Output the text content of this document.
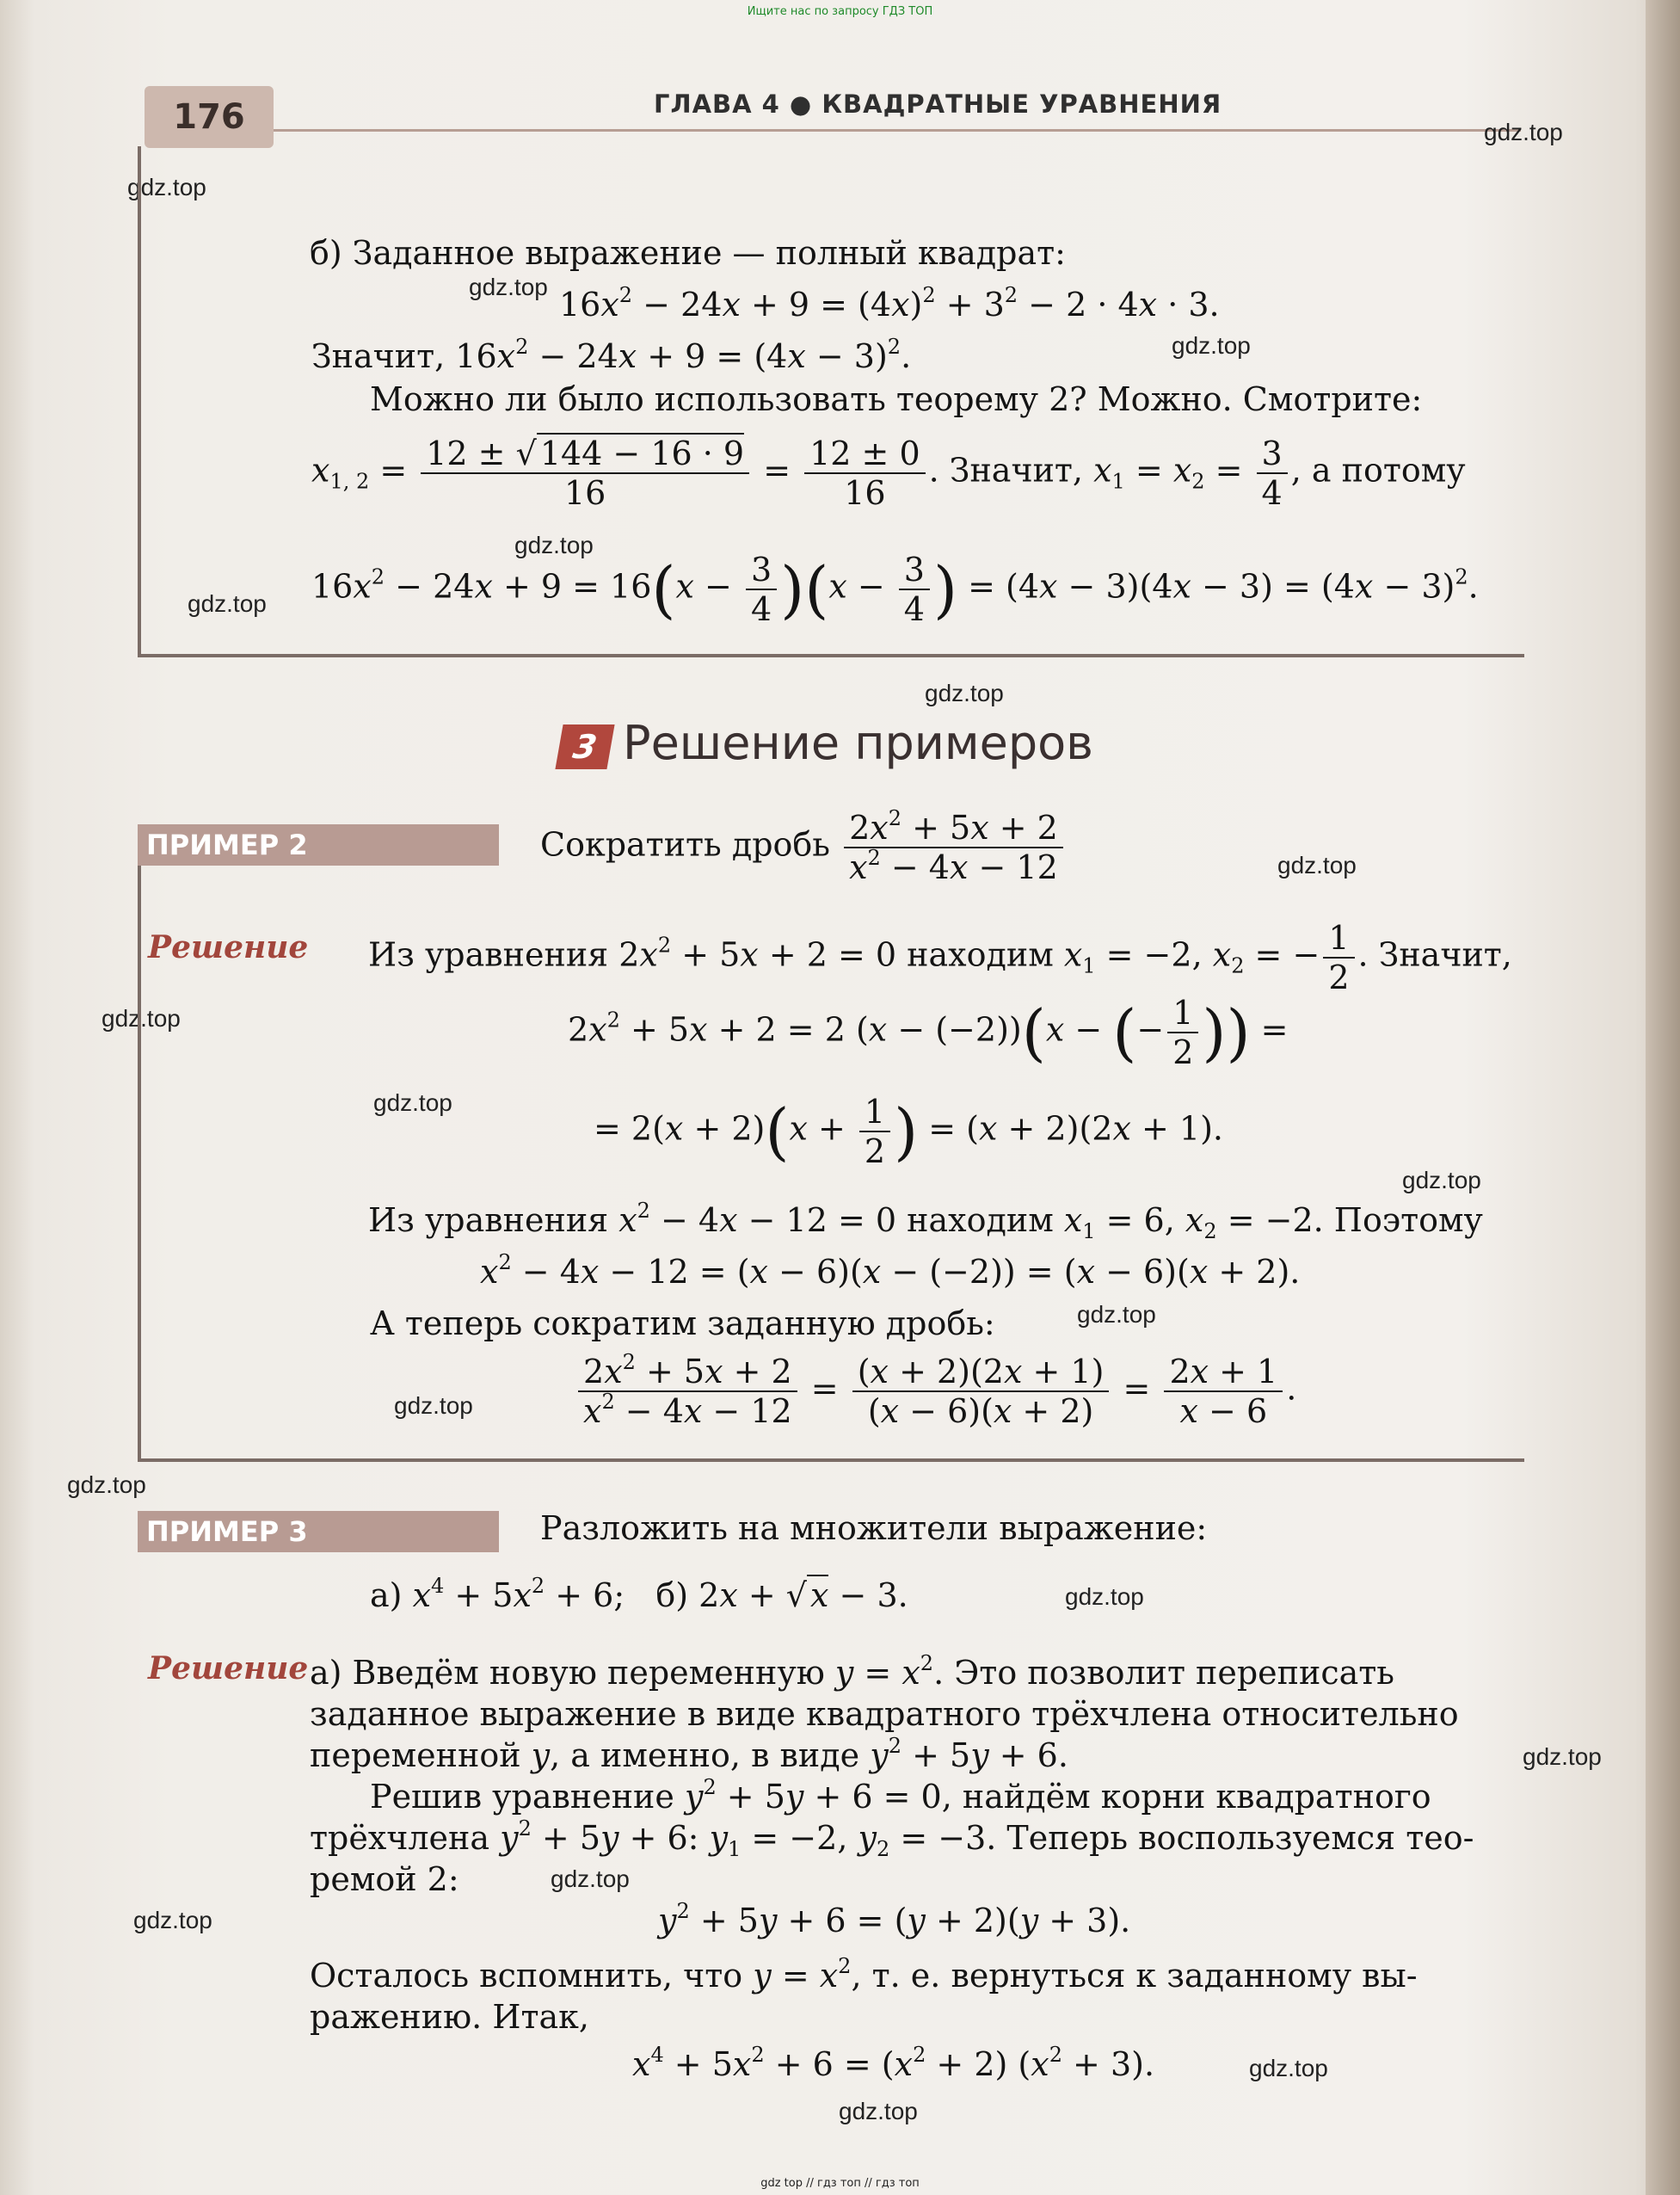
Ищите нас по запросу ГДЗ ТОП
176	ГЛАВА 4 ● КВАДРАТНЫЕ УРАВНЕНИЯ
gdz.top
gdz.top
gdz.top
gdz.top
gdz.top
gdz.top
gdz.top
gdz.top
gdz.top
gdz.top
gdz.top
gdz.top
gdz.top
gdz.top
gdz.top
gdz.top
gdz.top
gdz.top
gdz.top
gdz.top
б) Заданное выражение — полный квадрат:
$16x^2 - 24x + 9 = (4x)^2 + 3^2 - 2 \cdot 4x \cdot 3$.
Значит, $16x^2 - 24x + 9 = (4x - 3)^2$.
Можно ли было использовать теорему 2? Можно. Смотрите:
$x_{1, 2} = \frac{12 \pm √ 144 - 16 \cdot 9}{16} = \frac{12 \pm 0}{16}$ . Значит, $x_1 = x_2 = \frac{3}{4}$ , а потому
$16x^2 - 24x + 9 = 16(x - \frac{3}{4} )(x - \frac{3}{4}$ ) = $(4x - 3)(4x - 3) = (4x - 3)^2$.
3 Решение примеров
ПРИМЕР 2	Сократить дробь $\frac{2x^2 + 5x + 2}{x^2 - 4x - 12}$
Решение Из уравнения $2x^2 + 5x + 2 = 0$ находим $x_1 = -2$, $x_2$ = − $\frac{1}{2}$ . Значит,
$2x^2 + 5x + 2 = 2$ (x − (−2))(x − (− $\frac{1}{2}$ )) =
= $2(x + 2)(x + \frac{1}{2}$ ) = (x + 2)(2x + 1).
Из уравнения $x^2 - 4x - 12 = 0$ находим $x_1 = 6$, $x_2 = -2$. Поэтому
$x^2 - 4x - 12 = (x - 6)(x - (-2)) = (x - 6)(x + 2)$.
А теперь сократим заданную дробь:
$\frac{2x^2 + 5x + 2}{x^2 - 4x - 12} = \frac{(x + 2)(2x + 1)}{(x - 6)(x + 2)} = \frac{2x + 1}{x - 6}$ .
ПРИМЕР 3	Разложить на множители выражение:
а) $x^4 + 5x^2 + 6$;   б) 2x + √ x − 3.
Решение а) Введём новую переменную $y = x^2$. Это позволит переписать
заданное выражение в виде квадратного трёхчлена относительно
переменной y, а именно, в виде $y^2 + 5y + 6$.
Решив уравнение $y^2 + 5y + 6 = 0$, найдём корни квадратного
трёхчлена $y^2 + 5y + 6$: $y_1 = -2$, $y_2 = -3$. Теперь воспользуемся тео-
ремой 2:
$y^2 + 5y + 6 = (y + 2)(y + 3)$.
Осталось вспомнить, что $y = x^2$, т. е. вернуться к заданному вы-
ражению. Итак,
$x^4 + 5x^2 + 6 = (x^2 + 2) (x^2 + 3)$.
gdz top // гдз топ // гдз топ
